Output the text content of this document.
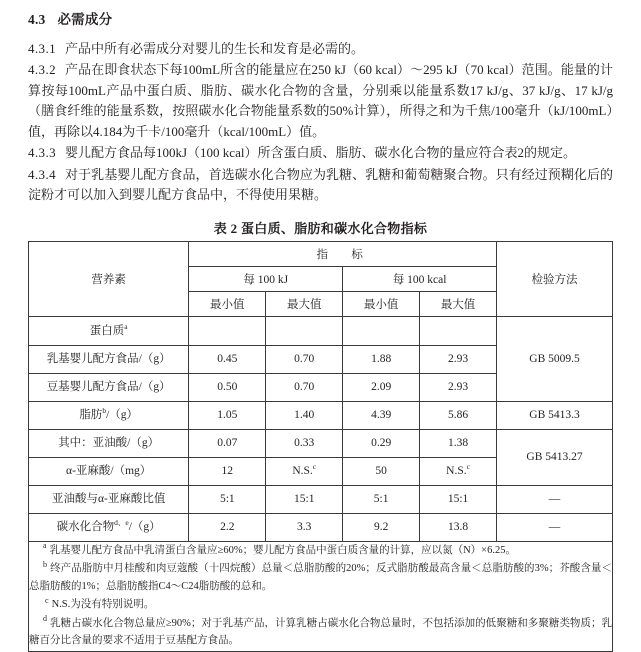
4.3 必需成分

4.3.1 产品中所有必需成分对婴儿的生长和发育是必需的。

4.3.2 产品在即食状态下每100mL所含的能量应在250 kJ（60 kcal）～295 kJ（70 kcal）范围。能量的计算按每100mL产品中蛋白质、脂肪、碳水化合物的含量，分别乘以能量系数17 kJ/g、37 kJ/g、17 kJ/g（膳食纤维的能量系数，按照碳水化合物能量系数的50%计算），所得之和为千焦/100毫升（kJ/100mL）值，再除以4.184为千卡/100毫升（kcal/100mL）值。

4.3.3 婴儿配方食品每100kJ（100 kcal）所含蛋白质、脂肪、碳水化合物的量应符合表2的规定。

4.3.4 对于乳基婴儿配方食品，首选碳水化合物应为乳糖、乳糖和葡萄糖聚合物。只有经过预糊化后的淀粉才可以加入到婴儿配方食品中，不得使用果糖。

表 2 蛋白质、脂肪和碳水化合物指标
营养素	指　标				检验方法
	每 100 kJ		每 100 kcal		
	最小值	最大值	最小值	最大值	
蛋白质$^a$					GB 5009.5
乳基婴儿配方食品/（g）	0.45	0.70	1.88	2.93	
豆基婴儿配方食品/（g）	0.50	0.70	2.09	2.93	
脂肪$^b$/（g）	1.05	1.40	4.39	5.86	GB 5413.3
其中：亚油酸/（g）	0.07	0.33	0.29	1.38	GB 5413.27
α-亚麻酸/（mg）	12	N.S.$^c$	50	N.S.$^c$
亚油酸与α-亚麻酸比值	5:1	15:1	5:1	15:1	—
碳水化合物$^{d、e}$/（g）	2.2	3.3	9.2	13.8	—

a 乳基婴儿配方食品中乳清蛋白含量应≥60%；婴儿配方食品中蛋白质含量的计算，应以氮（N）×6.25。

b 终产品脂肪中月桂酸和肉豆蔻酸（十四烷酸）总量＜总脂肪酸的20%；反式脂肪酸最高含量＜总脂肪酸的3%；芥酸含量＜总脂肪酸的1%；总脂肪酸指C4～C24脂肪酸的总和。

c N.S.为没有特别说明。

d 乳糖占碳水化合物总量应≥90%；对于乳基产品，计算乳糖占碳水化合物总量时，不包括添加的低聚糖和多聚糖类物质；乳糖百分比含量的要求不适用于豆基配方食品。					
